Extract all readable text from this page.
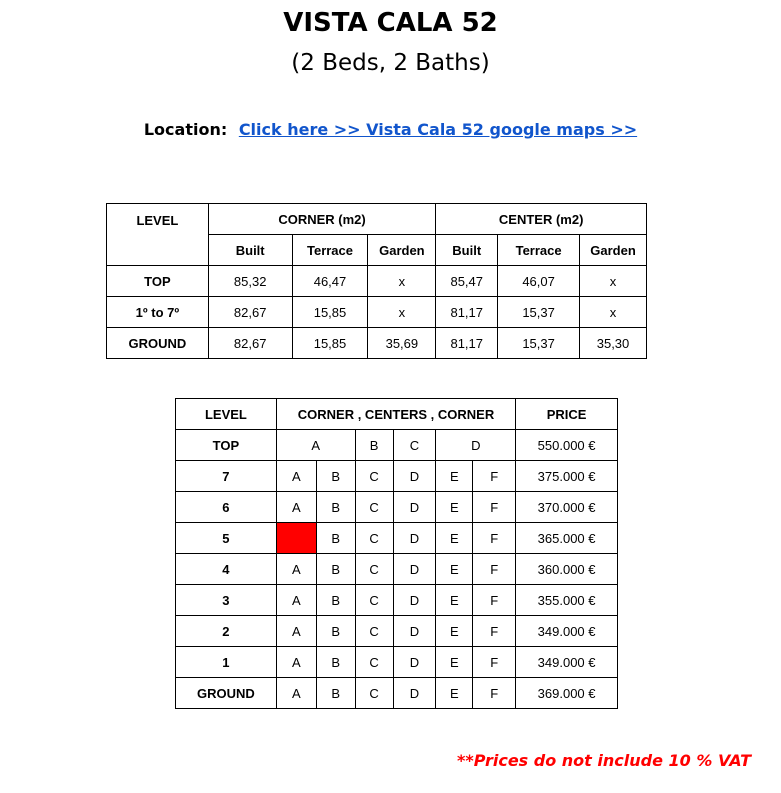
VISTA CALA 52
(2 Beds, 2 Baths)
Location: Click here >> Vista Cala 52 google maps >>
LEVEL	CORNER (m2)			CENTER (m2)		
	Built	Terrace	Garden	Built	Terrace	Garden
TOP	85,32	46,47	x	85,47	46,07	x
1º to 7º	82,67	15,85	x	81,17	15,37	x
GROUND	82,67	15,85	35,69	81,17	15,37	35,30
LEVEL	CORNER , CENTERS , CORNER						PRICE
TOP	A		B	C	D		550.000 €
7	A	B	C	D	E	F	375.000 €
6	A	B	C	D	E	F	370.000 €
5		B	C	D	E	F	365.000 €
4	A	B	C	D	E	F	360.000 €
3	A	B	C	D	E	F	355.000 €
2	A	B	C	D	E	F	349.000 €
1	A	B	C	D	E	F	349.000 €
GROUND	A	B	C	D	E	F	369.000 €
**Prices do not include 10 % VAT
